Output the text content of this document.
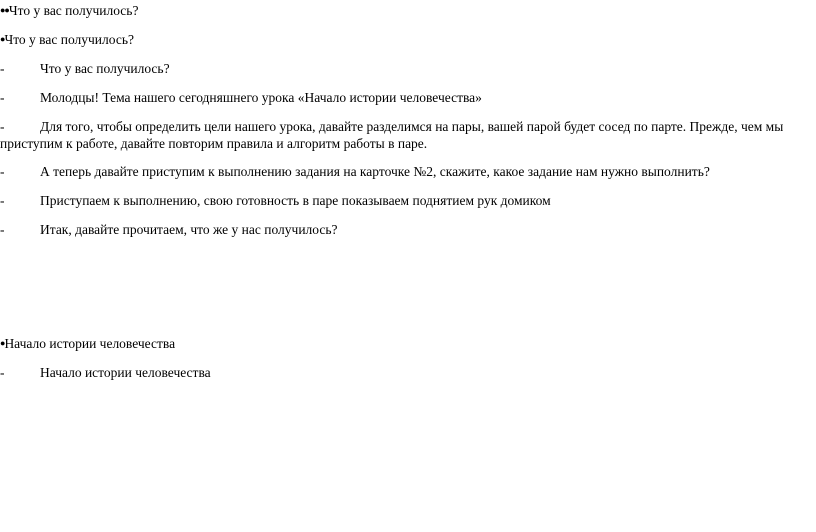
●●Что у вас получилось?
●Что у вас получилось?
-	Что у вас получилось?
-	Молодцы! Тема нашего сегодняшнего урока «Начало истории человечества»
-	Для того, чтобы определить цели нашего урока, давайте разделимся на пары, вашей парой будет сосед по парте. Прежде, чем мы приступим к работе, давайте повторим правила и алгоритм работы в паре.
-	А теперь давайте приступим к выполнению задания на карточке №2, скажите, какое задание нам нужно выполнить?
-	Приступаем к выполнению, свою готовность в паре показываем поднятием рук домиком
-	Итак, давайте прочитаем, что же у нас получилось?
●Начало истории человечества
-	Начало истории человечества
